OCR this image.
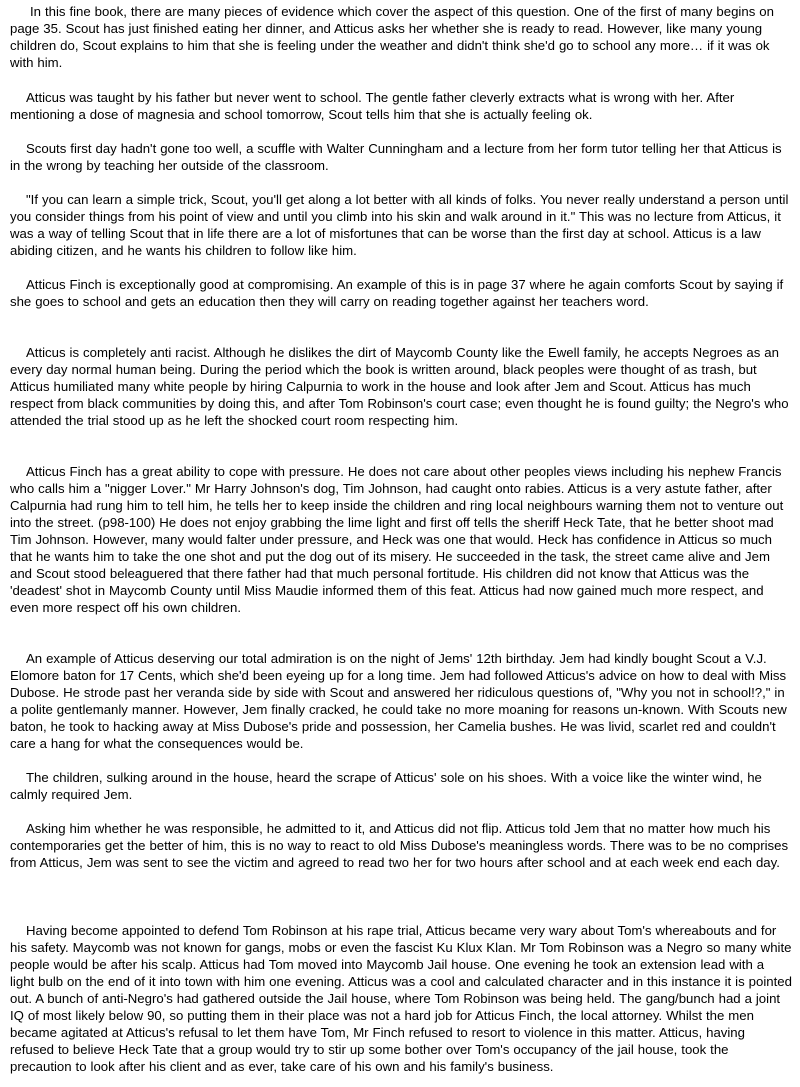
In this fine book, there are many pieces of evidence which cover the aspect of this question. One of the first of many begins on page 35. Scout has just finished eating her dinner, and Atticus asks her whether she is ready to read. However, like many young children do, Scout explains to him that she is feeling under the weather and didn't think she'd go to school any more… if it was ok with him.

Atticus was taught by his father but never went to school. The gentle father cleverly extracts what is wrong with her. After mentioning a dose of magnesia and school tomorrow, Scout tells him that she is actually feeling ok.

Scouts first day hadn't gone too well, a scuffle with Walter Cunningham and a lecture from her form tutor telling her that Atticus is in the wrong by teaching her outside of the classroom.

"If you can learn a simple trick, Scout, you'll get along a lot better with all kinds of folks. You never really understand a person until you consider things from his point of view and until you climb into his skin and walk around in it." This was no lecture from Atticus, it was a way of telling Scout that in life there are a lot of misfortunes that can be worse than the first day at school. Atticus is a law abiding citizen, and he wants his children to follow like him.

Atticus Finch is exceptionally good at compromising. An example of this is in page 37 where he again comforts Scout by saying if she goes to school and gets an education then they will carry on reading together against her teachers word.

Atticus is completely anti racist. Although he dislikes the dirt of Maycomb County like the Ewell family, he accepts Negroes as an every day normal human being. During the period which the book is written around, black peoples were thought of as trash, but Atticus humiliated many white people by hiring Calpurnia to work in the house and look after Jem and Scout. Atticus has much respect from black communities by doing this, and after Tom Robinson's court case; even thought he is found guilty; the Negro's who attended the trial stood up as he left the shocked court room respecting him.

Atticus Finch has a great ability to cope with pressure. He does not care about other peoples views including his nephew Francis who calls him a "nigger Lover." Mr Harry Johnson's dog, Tim Johnson, had caught onto rabies. Atticus is a very astute father, after Calpurnia had rung him to tell him, he tells her to keep inside the children and ring local neighbours warning them not to venture out into the street. (p98-100) He does not enjoy grabbing the lime light and first off tells the sheriff Heck Tate, that he better shoot mad Tim Johnson. However, many would falter under pressure, and Heck was one that would. Heck has confidence in Atticus so much that he wants him to take the one shot and put the dog out of its misery. He succeeded in the task, the street came alive and Jem and Scout stood beleaguered that there father had that much personal fortitude. His children did not know that Atticus was the 'deadest' shot in Maycomb County until Miss Maudie informed them of this feat. Atticus had now gained much more respect, and even more respect off his own children.

An example of Atticus deserving our total admiration is on the night of Jems' 12th birthday. Jem had kindly bought Scout a V.J. Elomore baton for 17 Cents, which she'd been eyeing up for a long time. Jem had followed Atticus's advice on how to deal with Miss Dubose. He strode past her veranda side by side with Scout and answered her ridiculous questions of, "Why you not in school!?," in a polite gentlemanly manner. However, Jem finally cracked, he could take no more moaning for reasons un-known. With Scouts new baton, he took to hacking away at Miss Dubose's pride and possession, her Camelia bushes. He was livid, scarlet red and couldn't care a hang for what the consequences would be.

The children, sulking around in the house, heard the scrape of Atticus' sole on his shoes. With a voice like the winter wind, he calmly required Jem.

Asking him whether he was responsible, he admitted to it, and Atticus did not flip. Atticus told Jem that no matter how much his contemporaries get the better of him, this is no way to react to old Miss Dubose's meaningless words. There was to be no comprises from Atticus, Jem was sent to see the victim and agreed to read two her for two hours after school and at each week end each day.

Having become appointed to defend Tom Robinson at his rape trial, Atticus became very wary about Tom's whereabouts and for his safety. Maycomb was not known for gangs, mobs or even the fascist Ku Klux Klan. Mr Tom Robinson was a Negro so many white people would be after his scalp. Atticus had Tom moved into Maycomb Jail house. One evening he took an extension lead with a light bulb on the end of it into town with him one evening. Atticus was a cool and calculated character and in this instance it is pointed out. A bunch of anti-Negro's had gathered outside the Jail house, where Tom Robinson was being held. The gang/bunch had a joint IQ of most likely below 90, so putting them in their place was not a hard job for Atticus Finch, the local attorney. Whilst the men became agitated at Atticus's refusal to let them have Tom, Mr Finch refused to resort to violence in this matter. Atticus, having refused to believe Heck Tate that a group would try to stir up some bother over Tom's occupancy of the jail house, took the precaution to look after his client and as ever, take care of his own and his family's business.
